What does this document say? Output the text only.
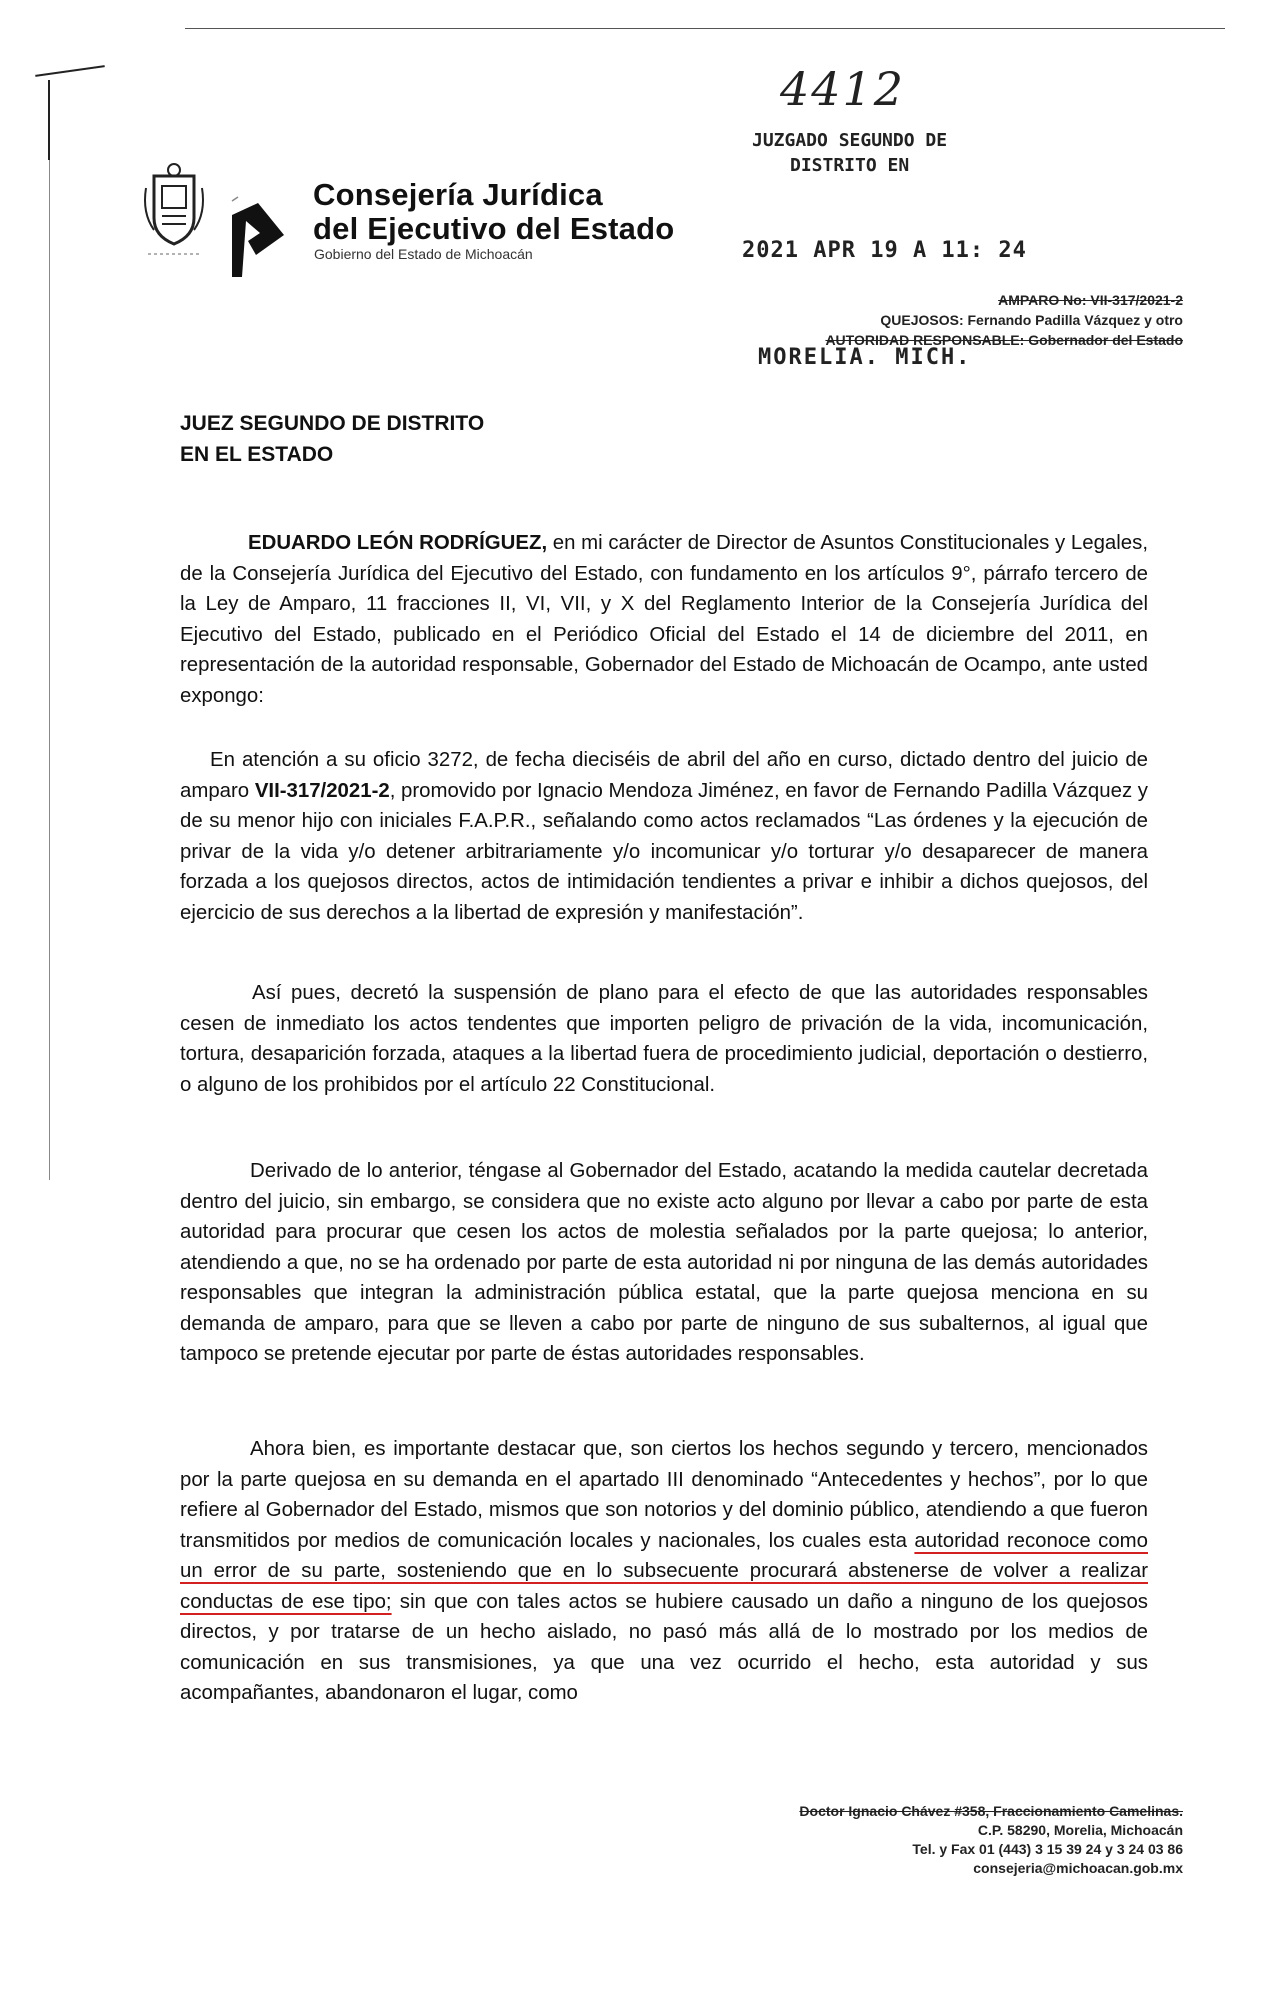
4412
JUZGADO SEGUNDO DE
DISTRITO EN
2021 APR 19 A 11: 24
MORELIA. MICH.
Consejería Jurídica
del Ejecutivo del Estado
Gobierno del Estado de Michoacán
AMPARO No: VII-317/2021-2
QUEJOSOS: Fernando Padilla Vázquez y otro
AUTORIDAD RESPONSABLE: Gobernador del Estado
JUEZ SEGUNDO DE DISTRITO
EN EL ESTADO
EDUARDO LEÓN RODRÍGUEZ, en mi carácter de Director de Asuntos Constitucionales y Legales, de la Consejería Jurídica del Ejecutivo del Estado, con fundamento en los artículos 9°, párrafo tercero de la Ley de Amparo, 11 fracciones II, VI, VII, y X del Reglamento Interior de la Consejería Jurídica del Ejecutivo del Estado, publicado en el Periódico Oficial del Estado el 14 de diciembre del 2011, en representación de la autoridad responsable, Gobernador del Estado de Michoacán de Ocampo, ante usted expongo:
En atención a su oficio 3272, de fecha dieciséis de abril del año en curso, dictado dentro del juicio de amparo VII-317/2021-2, promovido por Ignacio Mendoza Jiménez, en favor de Fernando Padilla Vázquez y de su menor hijo con iniciales F.A.P.R., señalando como actos reclamados “Las órdenes y la ejecución de privar de la vida y/o detener arbitrariamente y/o incomunicar y/o torturar y/o desaparecer de manera forzada a los quejosos directos, actos de intimidación tendientes a privar e inhibir a dichos quejosos, del ejercicio de sus derechos a la libertad de expresión y manifestación”.
Así pues, decretó la suspensión de plano para el efecto de que las autoridades responsables cesen de inmediato los actos tendentes que importen peligro de privación de la vida, incomunicación, tortura, desaparición forzada, ataques a la libertad fuera de procedimiento judicial, deportación o destierro, o alguno de los prohibidos por el artículo 22 Constitucional.
Derivado de lo anterior, téngase al Gobernador del Estado, acatando la medida cautelar decretada dentro del juicio, sin embargo, se considera que no existe acto alguno por llevar a cabo por parte de esta autoridad para procurar que cesen los actos de molestia señalados por la parte quejosa; lo anterior, atendiendo a que, no se ha ordenado por parte de esta autoridad ni por ninguna de las demás autoridades responsables que integran la administración pública estatal, que la parte quejosa menciona en su demanda de amparo, para que se lleven a cabo por parte de ninguno de sus subalternos, al igual que tampoco se pretende ejecutar por parte de éstas autoridades responsables.
Ahora bien, es importante destacar que, son ciertos los hechos segundo y tercero, mencionados por la parte quejosa en su demanda en el apartado III denominado “Antecedentes y hechos”, por lo que refiere al Gobernador del Estado, mismos que son notorios y del dominio público, atendiendo a que fueron transmitidos por medios de comunicación locales y nacionales, los cuales esta autoridad reconoce como un error de su parte, sosteniendo que en lo subsecuente procurará abstenerse de volver a realizar conductas de ese tipo; sin que con tales actos se hubiere causado un daño a ninguno de los quejosos directos, y por tratarse de un hecho aislado, no pasó más allá de lo mostrado por los medios de comunicación en sus transmisiones, ya que una vez ocurrido el hecho, esta autoridad y sus acompañantes, abandonaron el lugar, como
Doctor Ignacio Chávez #358, Fraccionamiento Camelinas.
C.P. 58290, Morelia, Michoacán
Tel. y Fax 01 (443) 3 15 39 24 y 3 24 03 86
consejeria@michoacan.gob.mx
